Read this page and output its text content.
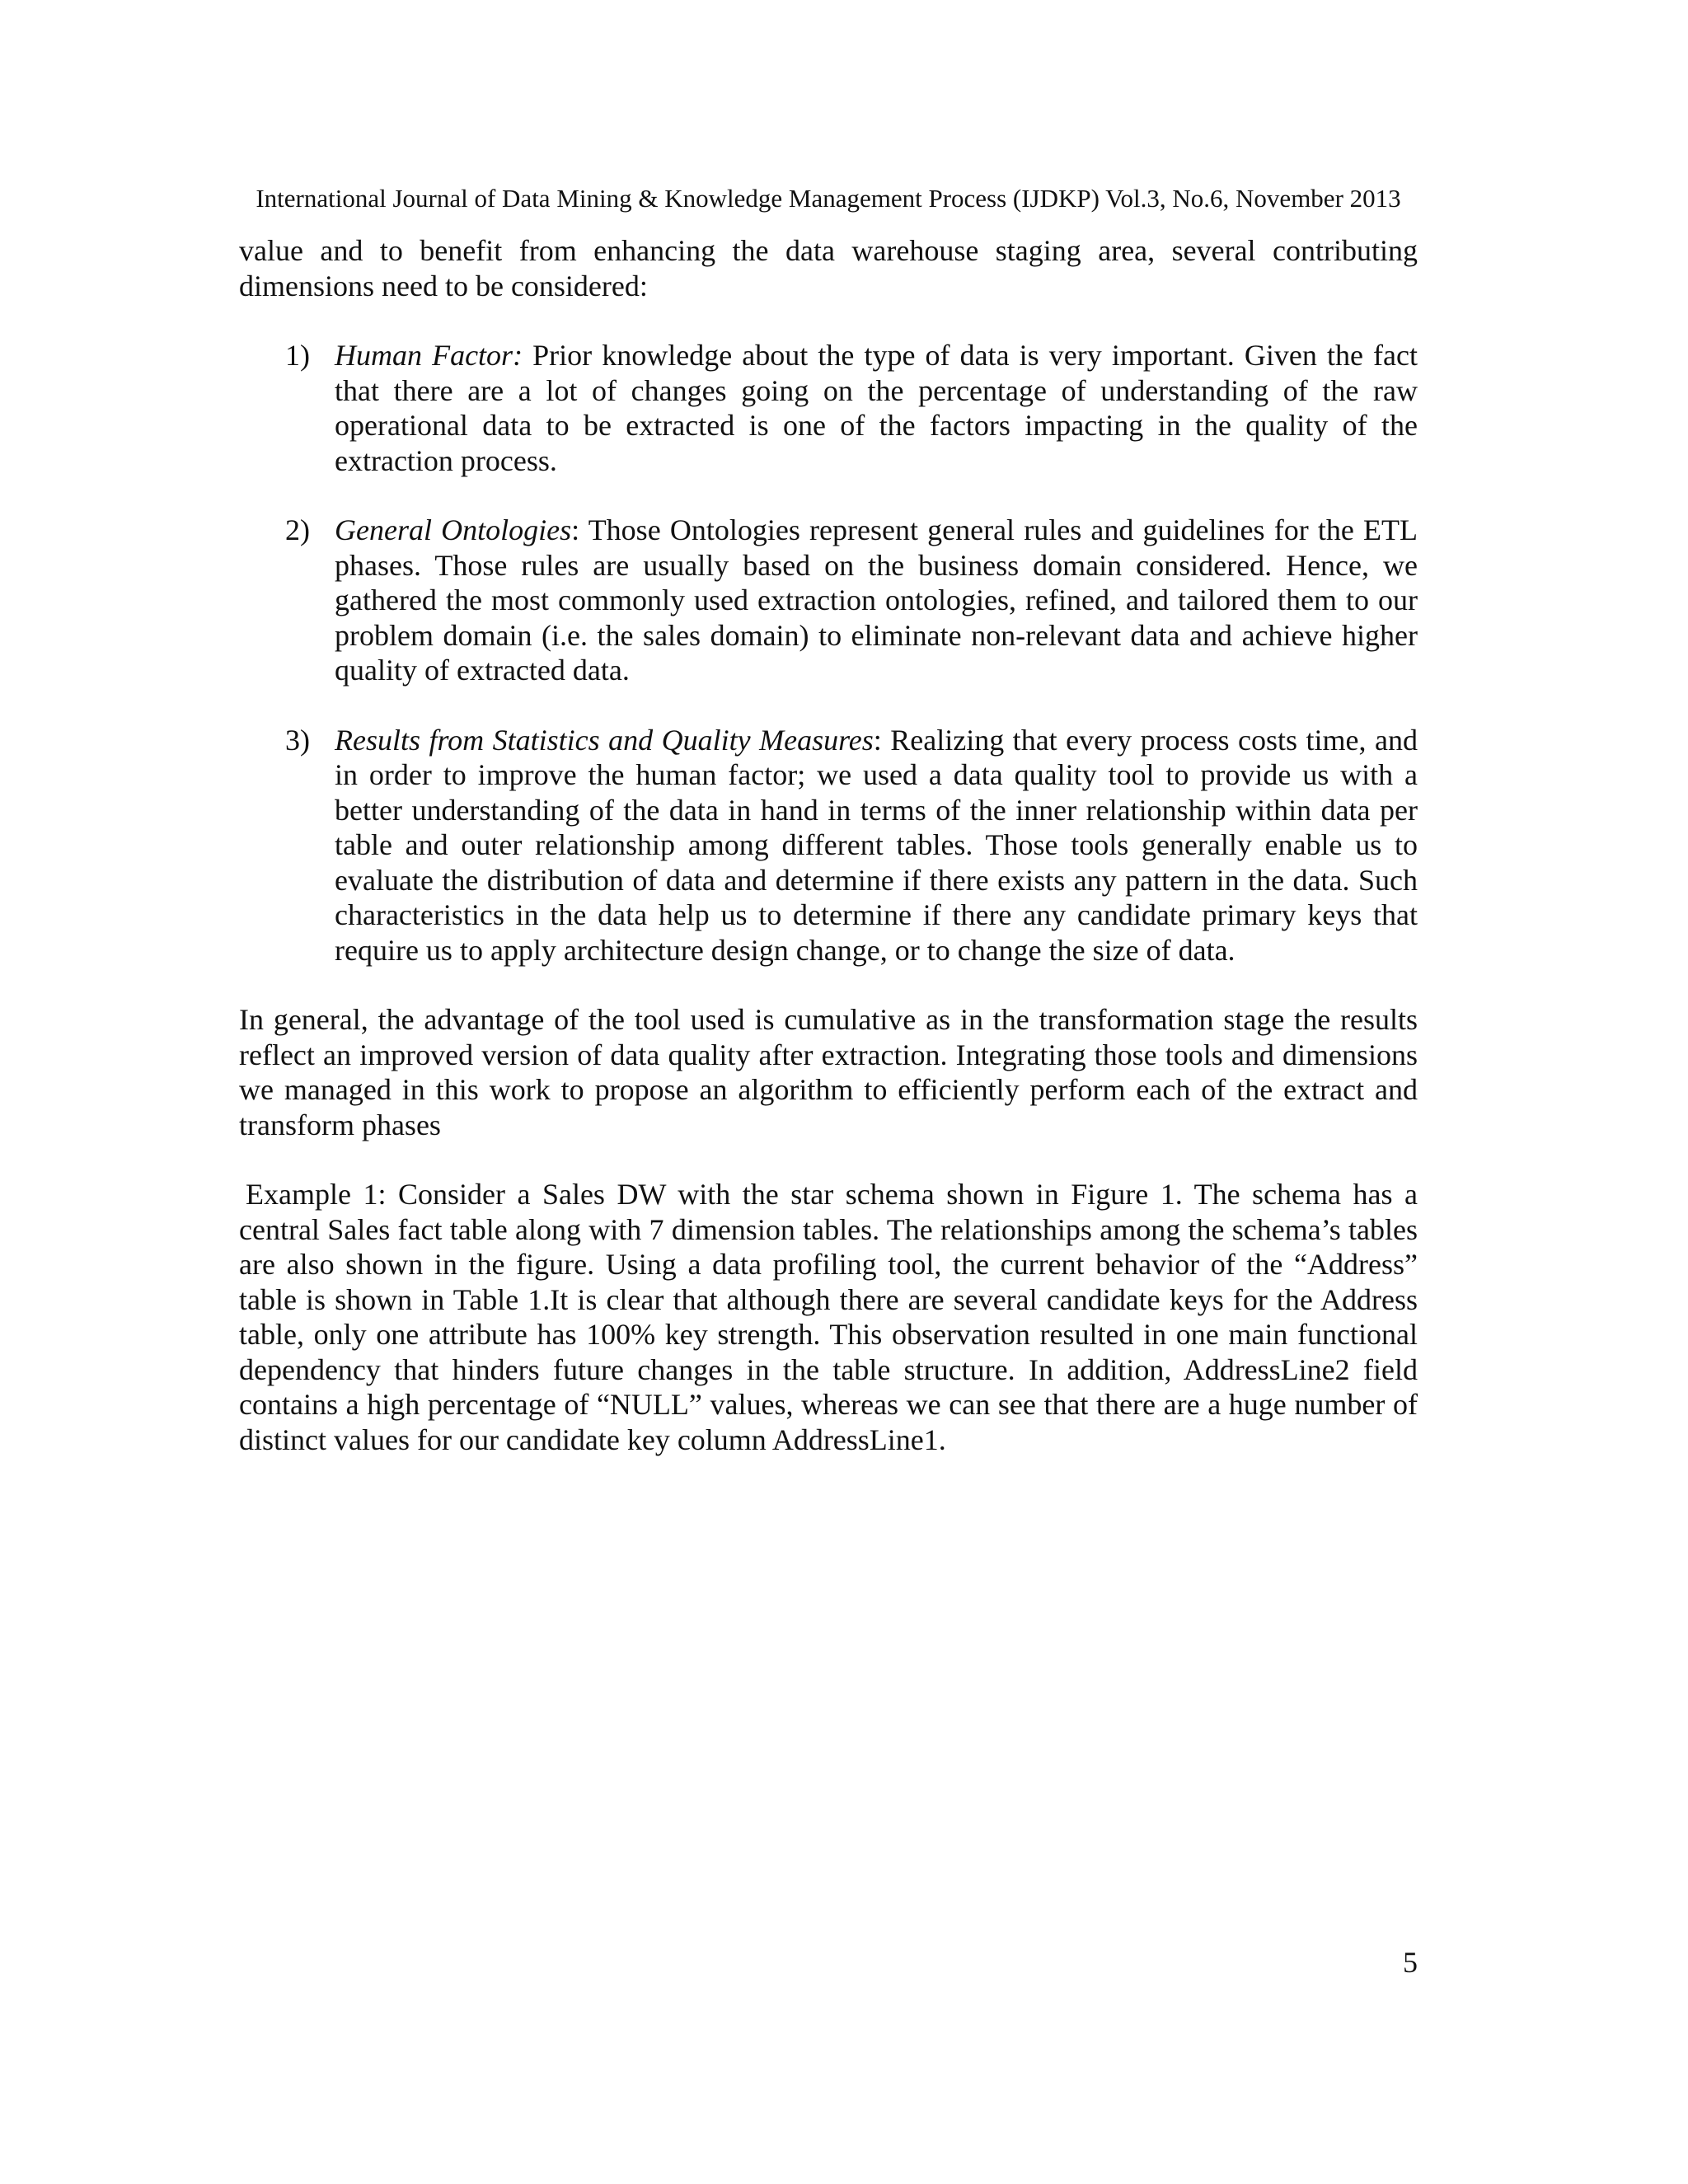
International Journal of Data Mining & Knowledge Management Process (IJDKP) Vol.3, No.6, November 2013

value and to benefit from enhancing the data warehouse staging area, several contributing dimensions need to be considered:

1) Human Factor: Prior knowledge about the type of data is very important. Given the fact that there are a lot of changes going on the percentage of understanding of the raw operational data to be extracted is one of the factors impacting in the quality of the extraction process.

2) General Ontologies: Those Ontologies represent general rules and guidelines for the ETL phases. Those rules are usually based on the business domain considered. Hence, we gathered the most commonly used extraction ontologies, refined, and tailored them to our problem domain (i.e. the sales domain) to eliminate non-relevant data and achieve higher quality of extracted data.

3) Results from Statistics and Quality Measures: Realizing that every process costs time, and in order to improve the human factor; we used a data quality tool to provide us with a better understanding of the data in hand in terms of the inner relationship within data per table and outer relationship among different tables. Those tools generally enable us to evaluate the distribution of data and determine if there exists any pattern in the data. Such characteristics in the data help us to determine if there any candidate primary keys that require us to apply architecture design change, or to change the size of data.

In general, the advantage of the tool used is cumulative as in the transformation stage the results reflect an improved version of data quality after extraction. Integrating those tools and dimensions we managed in this work to propose an algorithm to efficiently perform each of the extract and transform phases

Example 1: Consider a Sales DW with the star schema shown in Figure 1. The schema has a central Sales fact table along with 7 dimension tables. The relationships among the schema’s tables are also shown in the figure. Using a data profiling tool, the current behavior of the “Address” table is shown in Table 1.It is clear that although there are several candidate keys for the Address table, only one attribute has 100% key strength. This observation resulted in one main functional dependency that hinders future changes in the table structure. In addition, AddressLine2 field contains a high percentage of “NULL” values, whereas we can see that there are a huge number of distinct values for our candidate key column AddressLine1.

5
